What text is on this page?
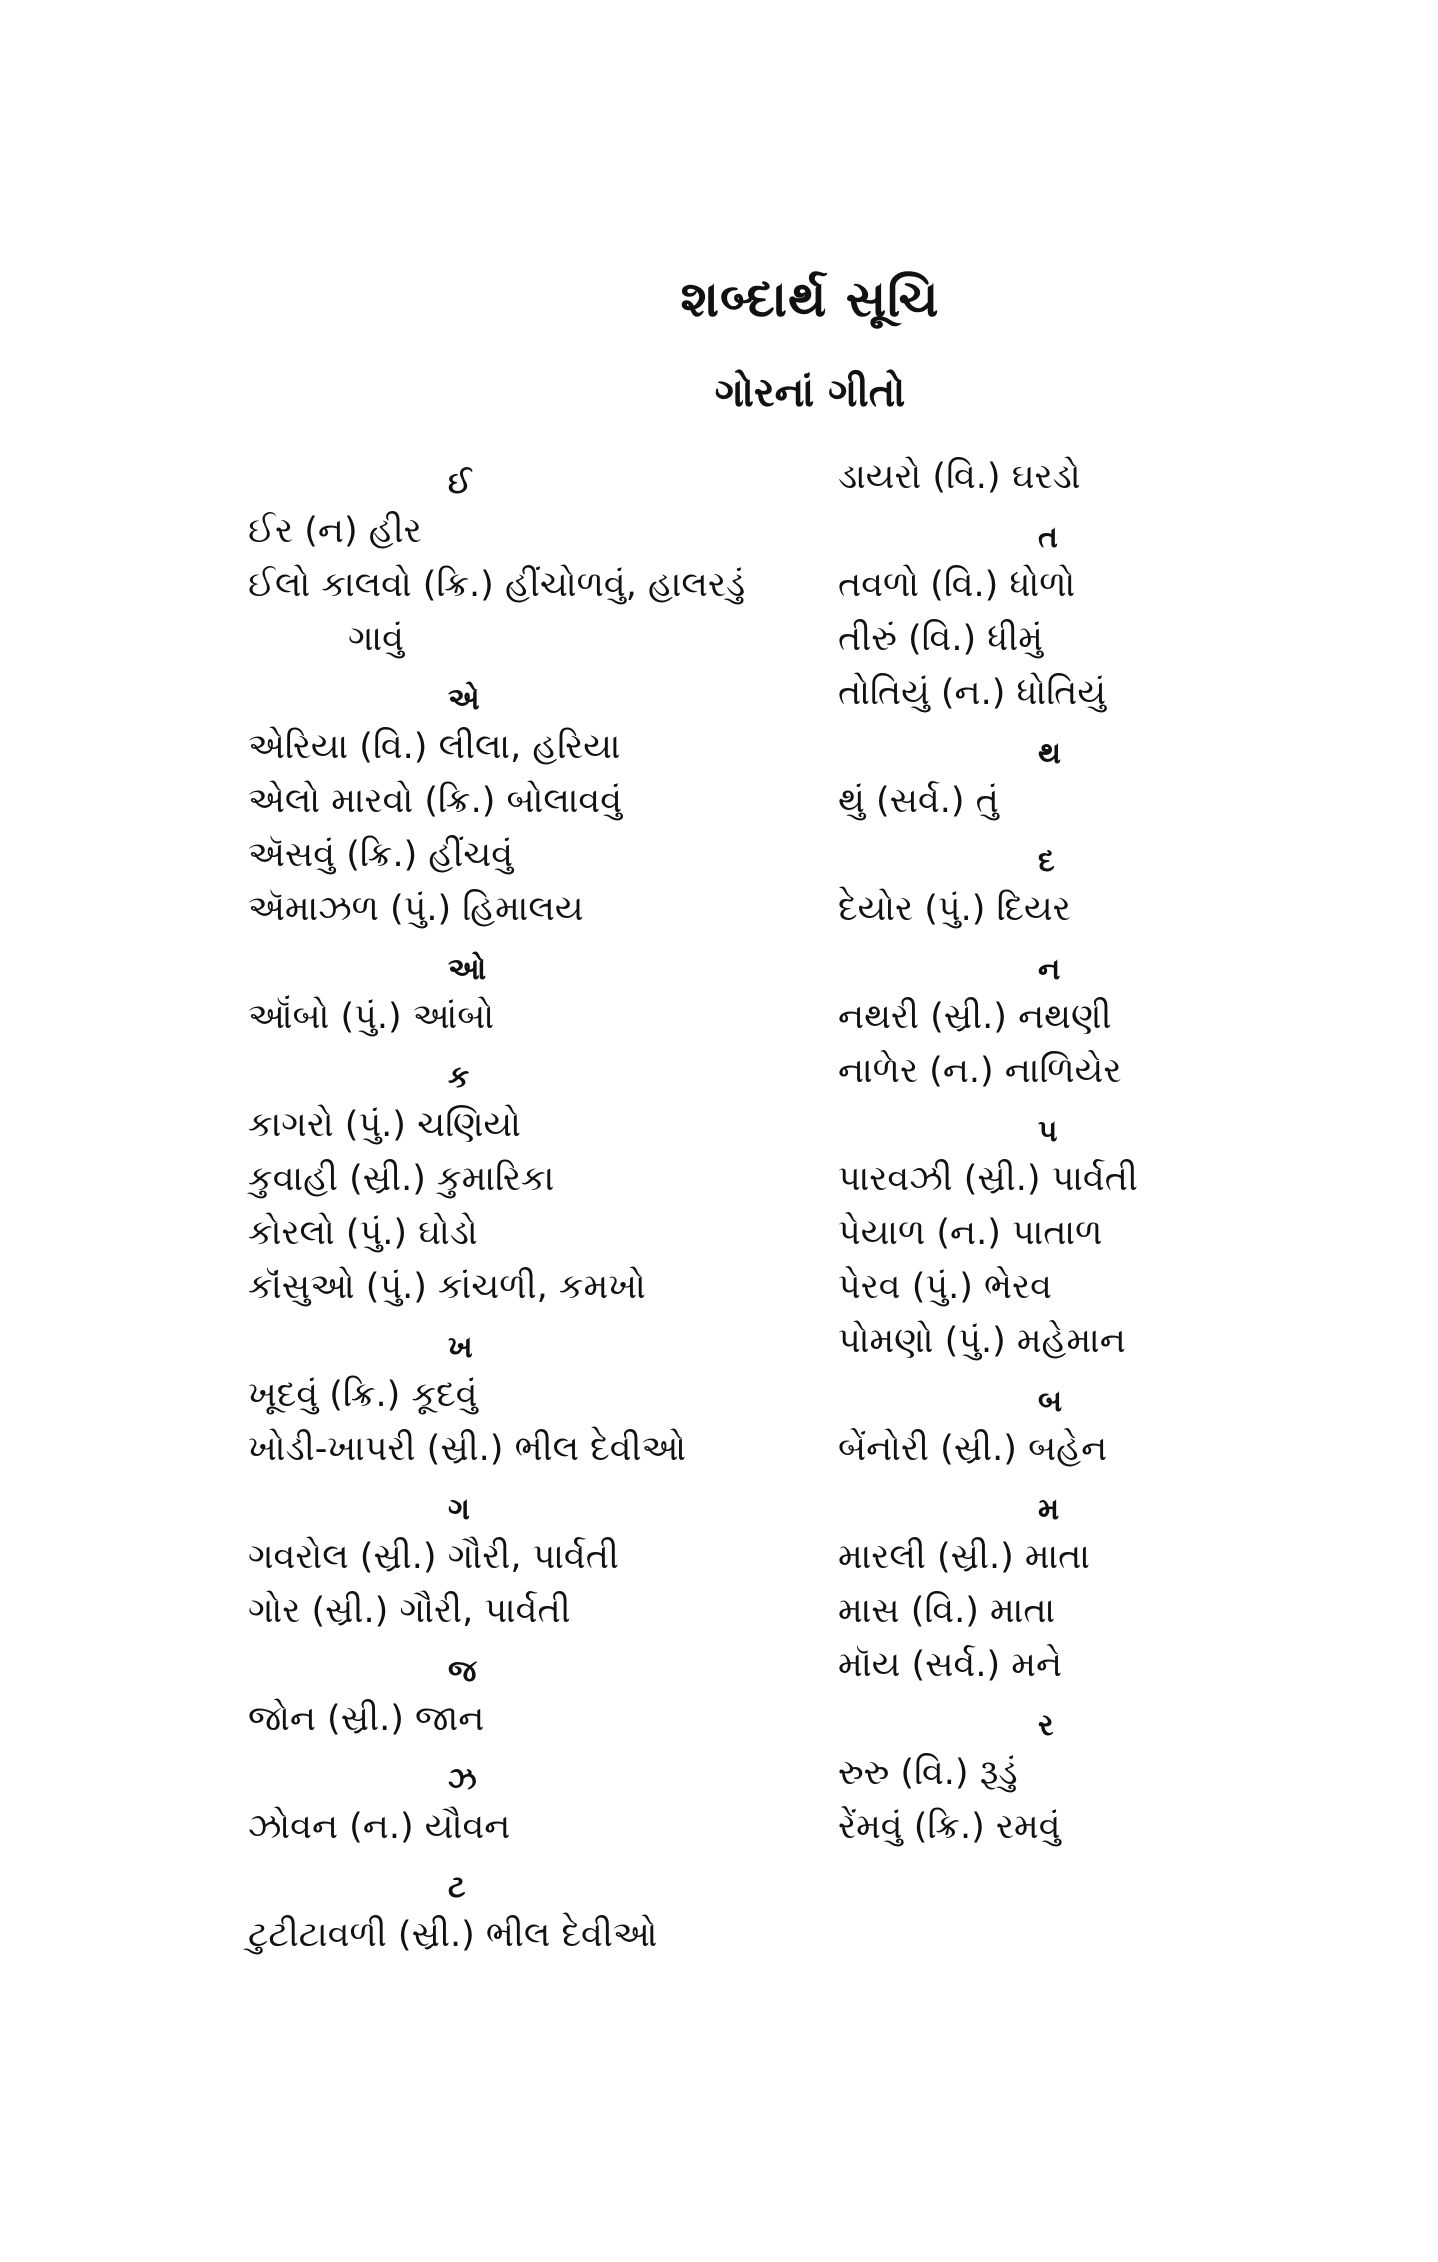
શબ્દાર્થ સૂચિ
ગોરનાં ગીતો
ઈ
ઈર (ન) હીર
ઈલો કાલવો (ક્રિ.) હીંચોળવું, હાલરડું
ગાવું
એ
એરિયા (વિ.) લીલા, હરિયા
એલો મારવો (ક્રિ.) બોલાવવું
ઍસવું (ક્રિ.) હીંચવું
ઍમાઝળ (પું.) હિમાલય
ઓ
ઑંબો (પું.) આંબો
ક
કાગરો (પું.) ચણિયો
કુવાહી (સ્રી.) કુમારિકા
કોરલો (પું.) ઘોડો
કૉંસુઓ (પું.) કાંચળી, કમખો
ખ
ખૂદવું (ક્રિ.) કૂદવું
ખોડી-ખાપરી (સ્રી.) ભીલ દેવીઓ
ગ
ગવરોલ (સ્રી.) ગૌરી, પાર્વતી
ગોર (સ્રી.) ગૌરી, પાર્વતી
જ
જોન (સ્રી.) જાન
ઝ
ઝોવન (ન.) યૌવન
ટ
ટુટીટાવળી (સ્રી.) ભીલ દેવીઓ
ડાયરો (વિ.) ઘરડો
ત
તવળો (વિ.) ધોળો
તીરું (વિ.) ધીમું
તોતિયું (ન.) ધોતિયું
થ
થું (સર્વ.) તું
દ
દેયોર (પું.) દિયર
ન
નથરી (સ્રી.) નથણી
નાળેર (ન.) નાળિયેર
પ
પારવઝી (સ્રી.) પાર્વતી
પેયાળ (ન.) પાતાળ
પેરવ (પું.) ભેરવ
પોમણો (પું.) મહેમાન
બ
બેંનોરી (સ્રી.) બહેન
મ
મારલી (સ્રી.) માતા
માસ (વિ.) માતા
મૉય (સર્વ.) મને
ર
રુરુ (વિ.) રૂડું
રેંમવું (ક્રિ.) રમવું
